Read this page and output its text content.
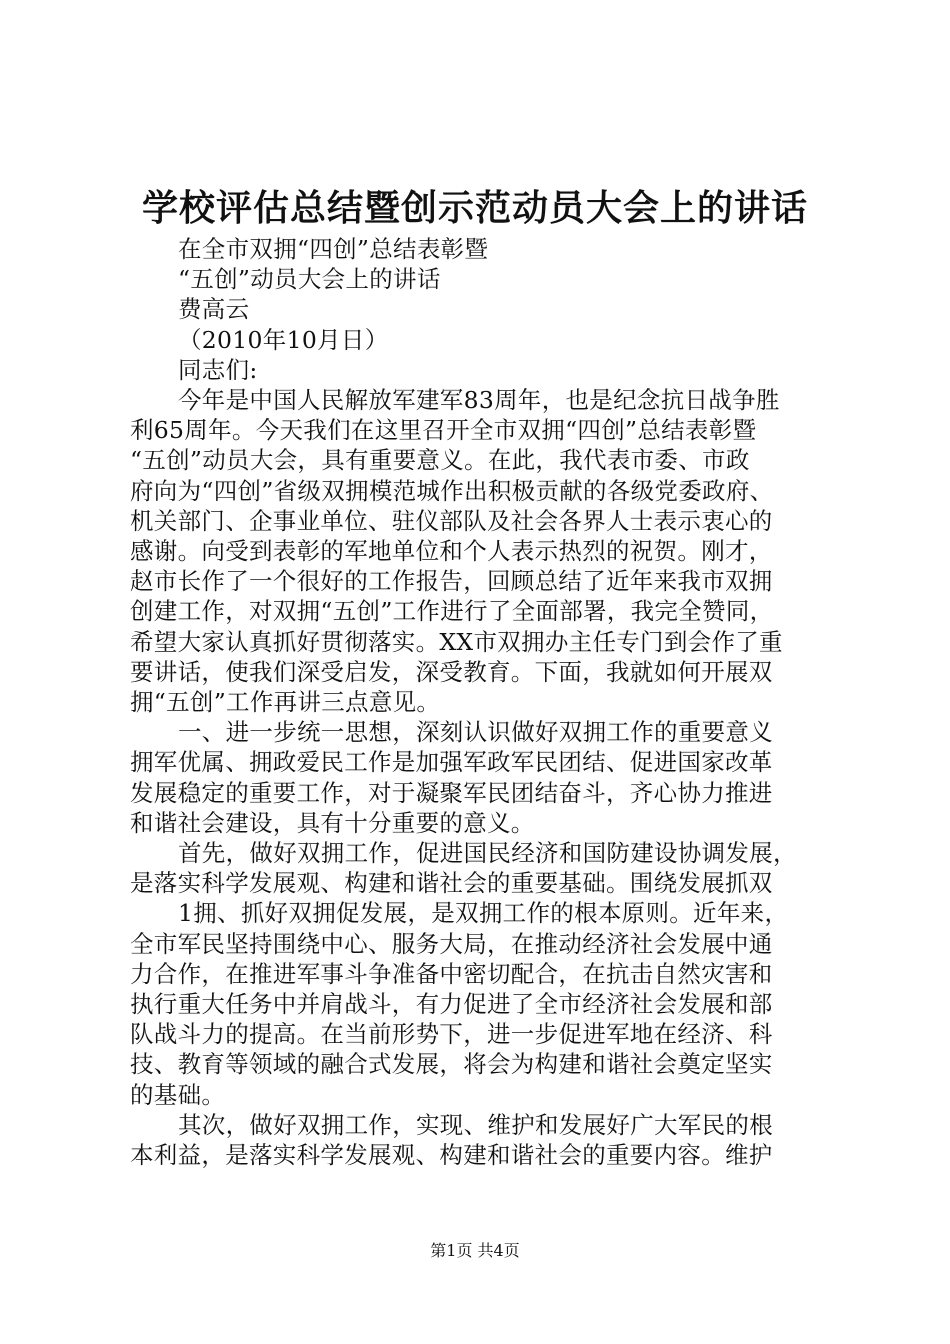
学校评估总结暨创示范动员大会上的讲话
在全市双拥“四创”总结表彰暨
“五创”动员大会上的讲话
费高云
（2010年10月日）
同志们:
今年是中国人民解放军建军83周年，也是纪念抗日战争胜
利65周年。今天我们在这里召开全市双拥“四创”总结表彰暨
“五创”动员大会，具有重要意义。在此，我代表市委、市政
府向为“四创”省级双拥模范城作出积极贡献的各级党委政府、
机关部门、企事业单位、驻仪部队及社会各界人士表示衷心的
感谢。向受到表彰的军地单位和个人表示热烈的祝贺。刚才，
赵市长作了一个很好的工作报告，回顾总结了近年来我市双拥
创建工作，对双拥“五创”工作进行了全面部署，我完全赞同，
希望大家认真抓好贯彻落实。XX市双拥办主任专门到会作了重
要讲话，使我们深受启发，深受教育。下面，我就如何开展双
拥“五创”工作再讲三点意见。
一、进一步统一思想，深刻认识做好双拥工作的重要意义
拥军优属、拥政爱民工作是加强军政军民团结、促进国家改革
发展稳定的重要工作，对于凝聚军民团结奋斗，齐心协力推进
和谐社会建设，具有十分重要的意义。
首先，做好双拥工作，促进国民经济和国防建设协调发展，
是落实科学发展观、构建和谐社会的重要基础。围绕发展抓双
1拥、抓好双拥促发展，是双拥工作的根本原则。近年来，
全市军民坚持围绕中心、服务大局，在推动经济社会发展中通
力合作，在推进军事斗争准备中密切配合，在抗击自然灾害和
执行重大任务中并肩战斗，有力促进了全市经济社会发展和部
队战斗力的提高。在当前形势下，进一步促进军地在经济、科
技、教育等领域的融合式发展，将会为构建和谐社会奠定坚实
的基础。
其次，做好双拥工作，实现、维护和发展好广大军民的根
本利益，是落实科学发展观、构建和谐社会的重要内容。维护
第1页 共4页
